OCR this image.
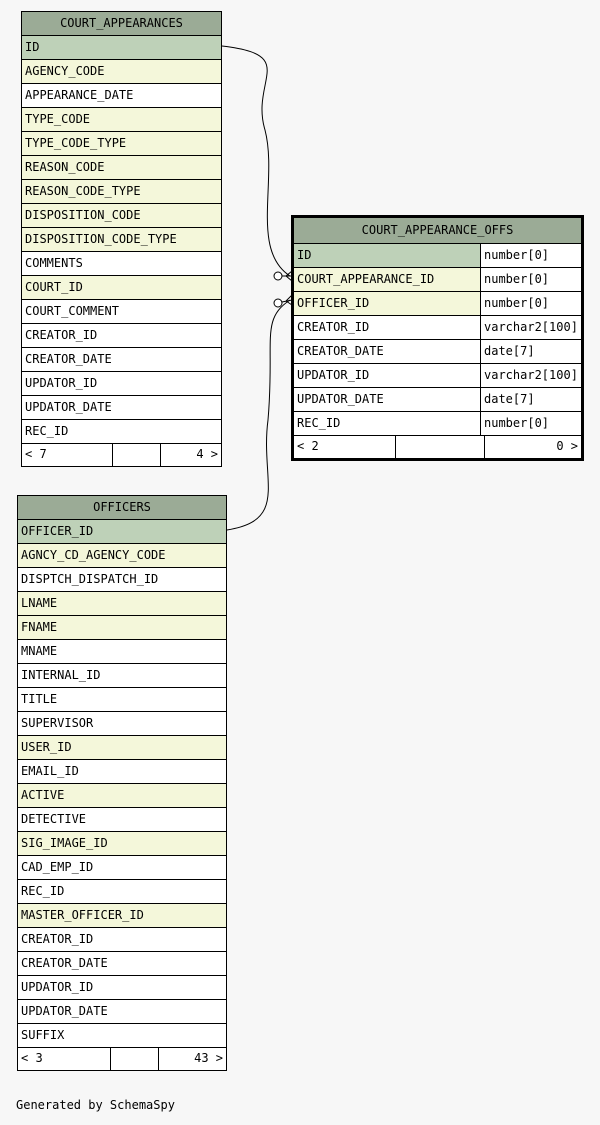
COURT_APPEARANCES
ID
AGENCY_CODE
APPEARANCE_DATE
TYPE_CODE
TYPE_CODE_TYPE
REASON_CODE
REASON_CODE_TYPE
DISPOSITION_CODE
DISPOSITION_CODE_TYPE
COMMENTS
COURT_ID
COURT_COMMENT
CREATOR_ID
CREATOR_DATE
UPDATOR_ID
UPDATOR_DATE
REC_ID
< 7	4 >
COURT_APPEARANCE_OFFS
ID	number[0]
COURT_APPEARANCE_ID	number[0]
OFFICER_ID	number[0]
CREATOR_ID	varchar2[100]
CREATOR_DATE	date[7]
UPDATOR_ID	varchar2[100]
UPDATOR_DATE	date[7]
REC_ID	number[0]
< 2	0 >
OFFICERS
OFFICER_ID
AGNCY_CD_AGENCY_CODE
DISPTCH_DISPATCH_ID
LNAME
FNAME
MNAME
INTERNAL_ID
TITLE
SUPERVISOR
USER_ID
EMAIL_ID
ACTIVE
DETECTIVE
SIG_IMAGE_ID
CAD_EMP_ID
REC_ID
MASTER_OFFICER_ID
CREATOR_ID
CREATOR_DATE
UPDATOR_ID
UPDATOR_DATE
SUFFIX
< 3	43 >
Generated by SchemaSpy
